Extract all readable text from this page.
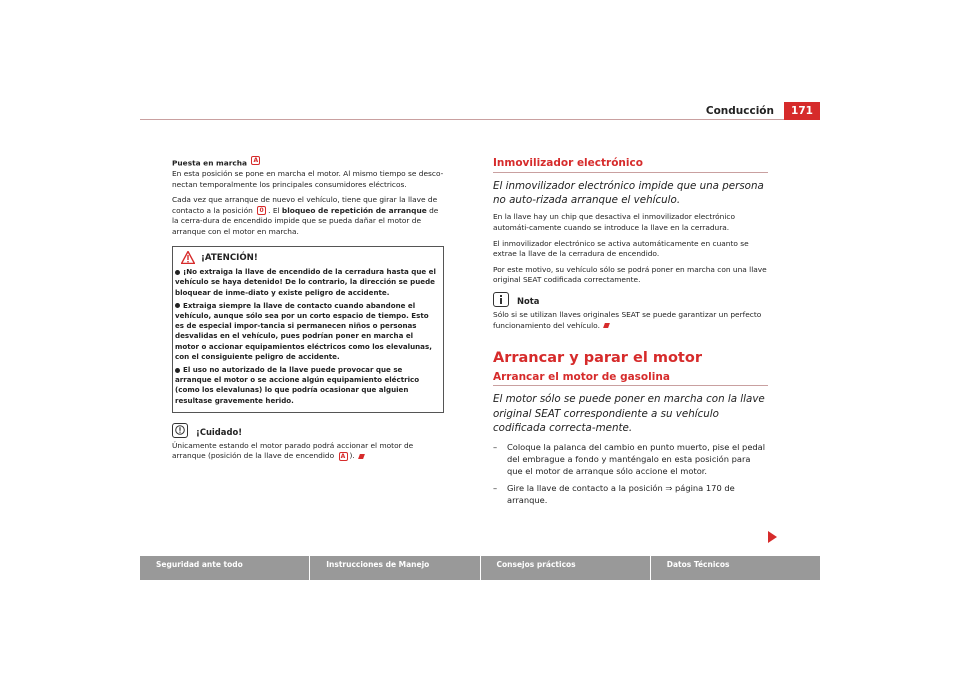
Conducción	171
Puesta en marcha A
En esta posición se pone en marcha el motor. Al mismo tiempo se desco-nectan temporalmente los principales consumidores eléctricos.
Cada vez que arranque de nuevo el vehículo, tiene que girar la llave de contacto a la posición 0 . El bloqueo de repetición de arranque de la cerra-dura de encendido impide que se pueda dañar el motor de arranque con el motor en marcha.
¡ATENCIÓN!
¡No extraiga la llave de encendido de la cerradura hasta que el vehículo se haya detenido! De lo contrario, la dirección se puede bloquear de inme-diato y existe peligro de accidente.
Extraiga siempre la llave de contacto cuando abandone el vehículo, aunque sólo sea por un corto espacio de tiempo. Esto es de especial impor-tancia si permanecen niños o personas desvalidas en el vehículo, pues podrían poner en marcha el motor o accionar equipamientos eléctricos como los elevalunas, con el consiguiente peligro de accidente.
El uso no autorizado de la llave puede provocar que se arranque el motor o se accione algún equipamiento eléctrico (como los elevalunas) lo que podría ocasionar que alguien resultase gravemente herido.
¡Cuidado!
Únicamente estando el motor parado podrá accionar el motor de arranque (posición de la llave de encendido A ).
Inmovilizador electrónico
El inmovilizador electrónico impide que una persona no auto-rizada arranque el vehículo.
En la llave hay un chip que desactiva el inmovilizador electrónico automáti-camente cuando se introduce la llave en la cerradura.
El inmovilizador electrónico se activa automáticamente en cuanto se extrae la llave de la cerradura de encendido.
Por este motivo, su vehículo sólo se podrá poner en marcha con una llave original SEAT codificada correctamente.
Nota
Sólo si se utilizan llaves originales SEAT se puede garantizar un perfecto funcionamiento del vehículo.
Arrancar y parar el motor
Arrancar el motor de gasolina
El motor sólo se puede poner en marcha con la llave original SEAT correspondiente a su vehículo codificada correcta-mente.
–	Coloque la palanca del cambio en punto muerto, pise el pedal del embrague a fondo y manténgalo en esta posición para que el motor de arranque sólo accione el motor.
–	Gire la llave de contacto a la posición ⇒ página 170 de arranque.
Seguridad ante todo	Instrucciones de Manejo	Consejos prácticos	Datos Técnicos
